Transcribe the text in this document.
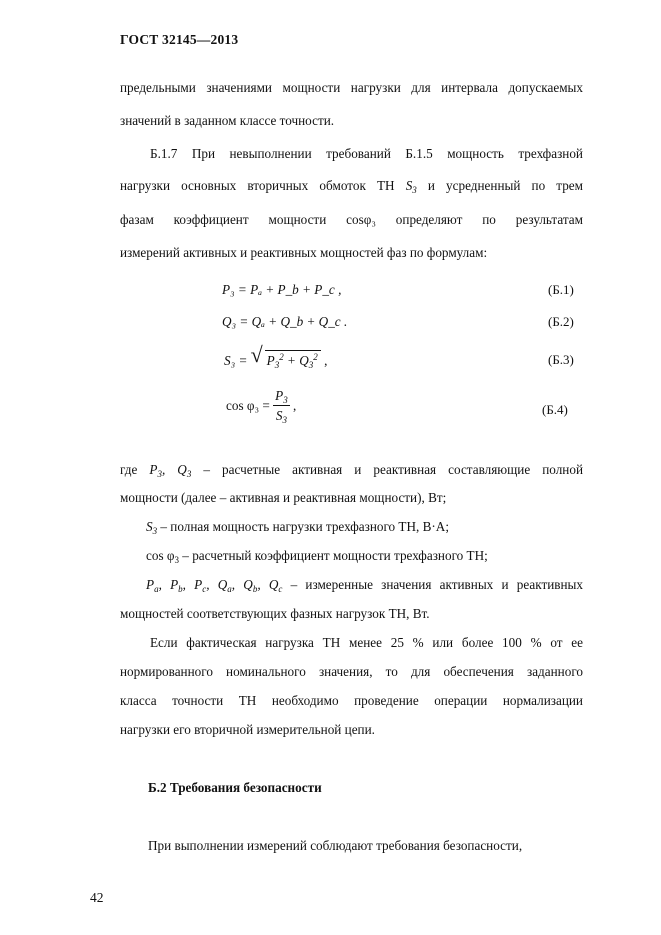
ГОСТ 32145—2013
предельными значениями мощности нагрузки для интервала допускаемых
значений в заданном классе точности.
Б.1.7 При невыполнении требований Б.1.5 мощность трехфазной
нагрузки основных вторичных обмоток ТН $S_3$ и усредненный по трем
фазам коэффициент мощности cosφ₃ определяют по результатам
измерений активных и реактивных мощностей фаз по формулам:
P₃ = Pₐ + P_b + P_c ,	(Б.1)
Q₃ = Qₐ + Q_b + Q_c .	(Б.2)
S₃ = √ $P_3^2 + Q_3^2$ ,	(Б.3)
$\cos \varphi_3 = \frac{P_3}{S_3}$ ,	(Б.4)
где $P_3$, $Q_3$ – расчетные активная и реактивная составляющие полной
мощности (далее – активная и реактивная мощности), Вт;
$S_3$ – полная мощность нагрузки трехфазного ТН, В·А;
$\cos \varphi_3$ – расчетный коэффициент мощности трехфазного ТН;
$P_a$, $P_b$, $P_c$, $Q_a$, $Q_b$, $Q_c$ – измеренные значения активных и реактивных
мощностей соответствующих фазных нагрузок ТН, Вт.
Если фактическая нагрузка ТН менее 25 % или более 100 % от ее
нормированного номинального значения, то для обеспечения заданного
класса точности ТН необходимо проведение операции нормализации
нагрузки его вторичной измерительной цепи.
Б.2 Требования безопасности
При выполнении измерений соблюдают требования безопасности,
42
